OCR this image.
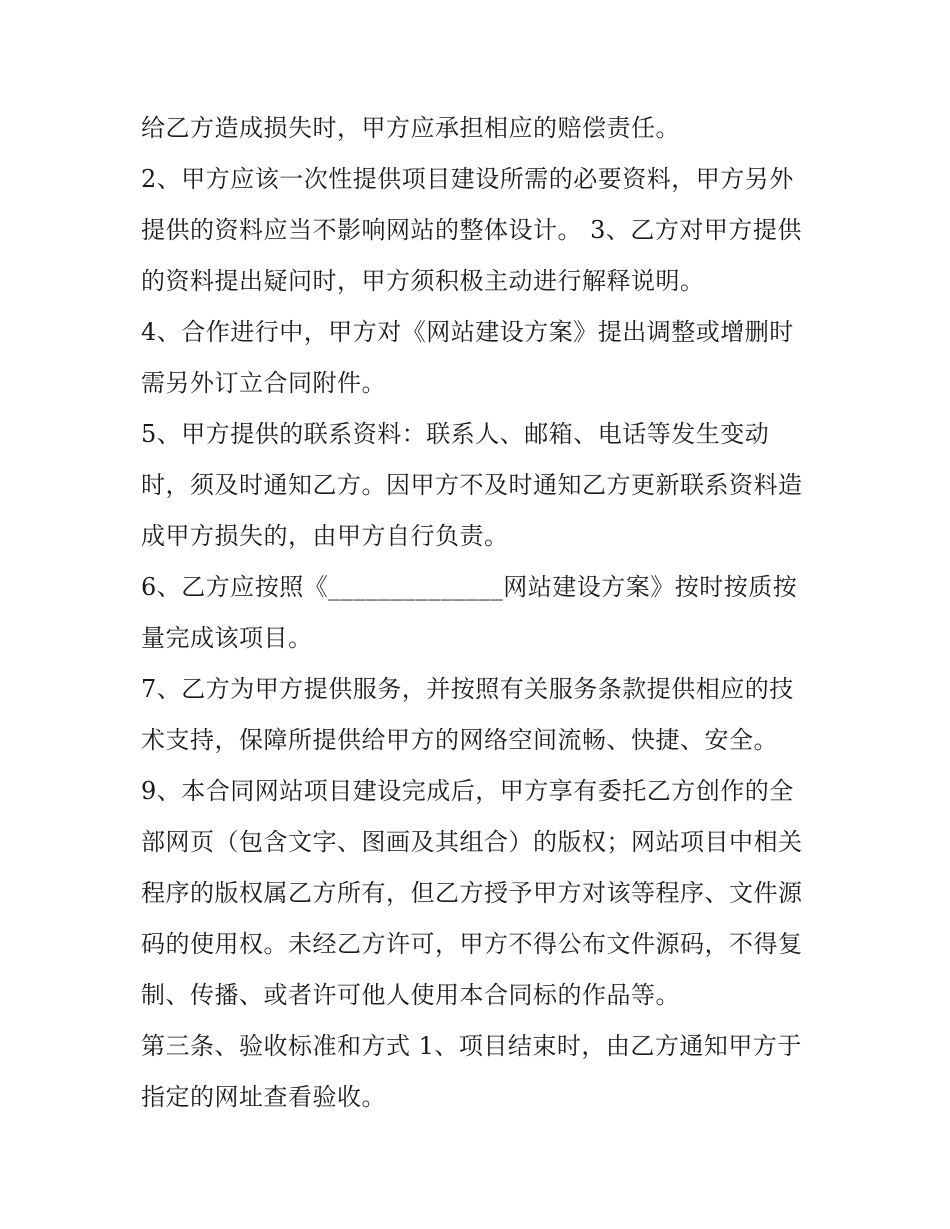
给乙方造成损失时，甲方应承担相应的赔偿责任。
2、甲方应该一次性提供项目建设所需的必要资料，甲方另外
提供的资料应当不影响网站的整体设计。 3、乙方对甲方提供
的资料提出疑问时，甲方须积极主动进行解释说明。
4、合作进行中，甲方对《网站建设方案》提出调整或增删时
需另外订立合同附件。
5、甲方提供的联系资料：联系人、邮箱、电话等发生变动
时，须及时通知乙方。因甲方不及时通知乙方更新联系资料造
成甲方损失的，由甲方自行负责。
6、乙方应按照《______________网站建设方案》按时按质按
量完成该项目。
7、乙方为甲方提供服务，并按照有关服务条款提供相应的技
术支持，保障所提供给甲方的网络空间流畅、快捷、安全。
9、本合同网站项目建设完成后，甲方享有委托乙方创作的全
部网页（包含文字、图画及其组合）的版权；网站项目中相关
程序的版权属乙方所有，但乙方授予甲方对该等程序、文件源
码的使用权。未经乙方许可，甲方不得公布文件源码，不得复
制、传播、或者许可他人使用本合同标的作品等。
第三条、验收标准和方式 1、项目结束时，由乙方通知甲方于
指定的网址查看验收。
